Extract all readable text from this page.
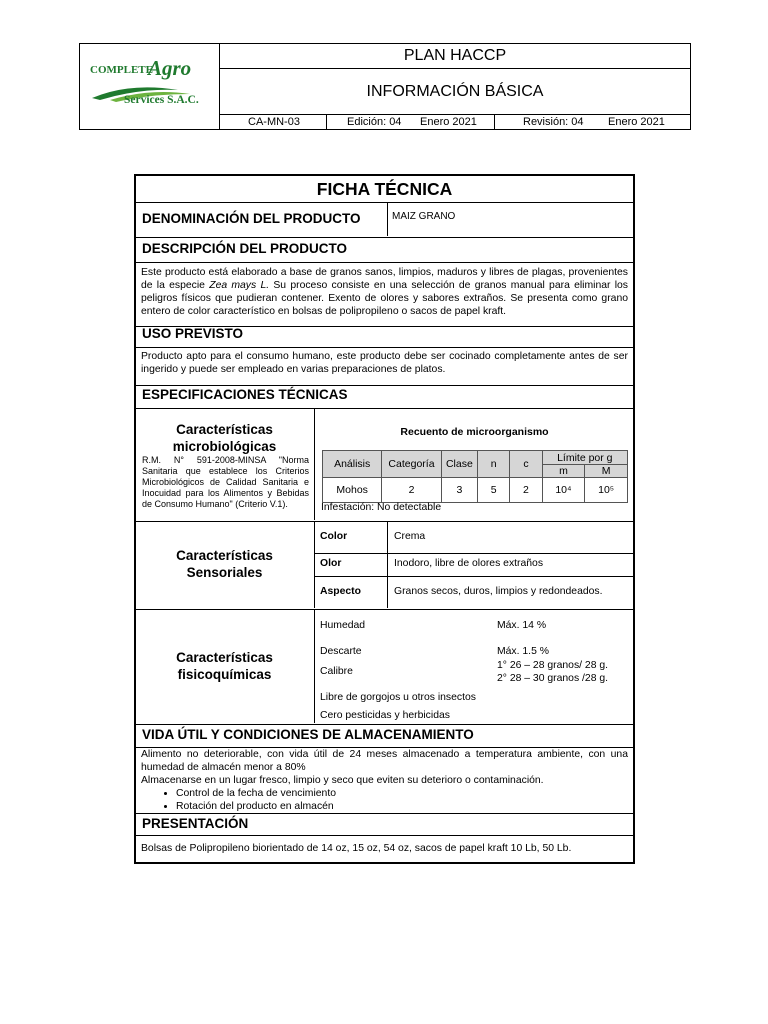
COMPLETE
Agro
Services S.A.C.
PLAN HACCP
INFORMACIÓN BÁSICA
CA-MN-03	Edición: 04 Enero 2021	Revisión: 04 Enero 2021
FICHA TÉCNICA
DENOMINACIÓN DEL PRODUCTO	MAIZ GRANO
DESCRIPCIÓN DEL PRODUCTO
Este producto está elaborado a base de granos sanos, limpios, maduros y libres de plagas, provenientes de la especie Zea mays L. Su proceso consiste en una selección de granos manual para eliminar los peligros físicos que pudieran contener. Exento de olores y sabores extraños. Se presenta como grano entero de color característico en bolsas de polipropileno o sacos de papel kraft.
USO PREVISTO
Producto apto para el consumo humano, este producto debe ser cocinado completamente antes de ser ingerido y puede ser empleado en varias preparaciones de platos.
ESPECIFICACIONES TÉCNICAS
Características microbiológicas
R.M. N° 591-2008-MINSA "Norma Sanitaria que establece los Criterios Microbiológicos de Calidad Sanitaria e Inocuidad para los Alimentos y Bebidas de Consumo Humano" (Criterio V.1).
Recuento de microorganismo
Análisis	Categoría	Clase	n	c	Límite por g	
					m	M
Mohos	2	3	5	2	10⁴	10⁵
Infestación: No detectable
Características Sensoriales
Color	Crema
Olor	Inodoro, libre de olores extraños
Aspecto	Granos secos, duros, limpios y redondeados.
Características fisicoquímicas
Humedad	Máx. 14 %
Descarte	Máx. 1.5 %
Calibre
1° 26 – 28 granos/ 28 g.
2° 28 – 30 granos /28 g.
Libre de gorgojos u otros insectos
Cero pesticidas y herbicidas
VIDA ÚTIL Y CONDICIONES DE ALMACENAMIENTO
Alimento no deteriorable, con vida útil de 24 meses almacenado a temperatura ambiente, con una humedad de almacén menor a 80%
Almacenarse en un lugar fresco, limpio y seco que eviten su deterioro o contaminación.
• Control de la fecha de vencimiento
• Rotación del producto en almacén
PRESENTACIÓN
Bolsas de Polipropileno biorientado de 14 oz, 15 oz, 54 oz, sacos de papel kraft 10 Lb, 50 Lb.
